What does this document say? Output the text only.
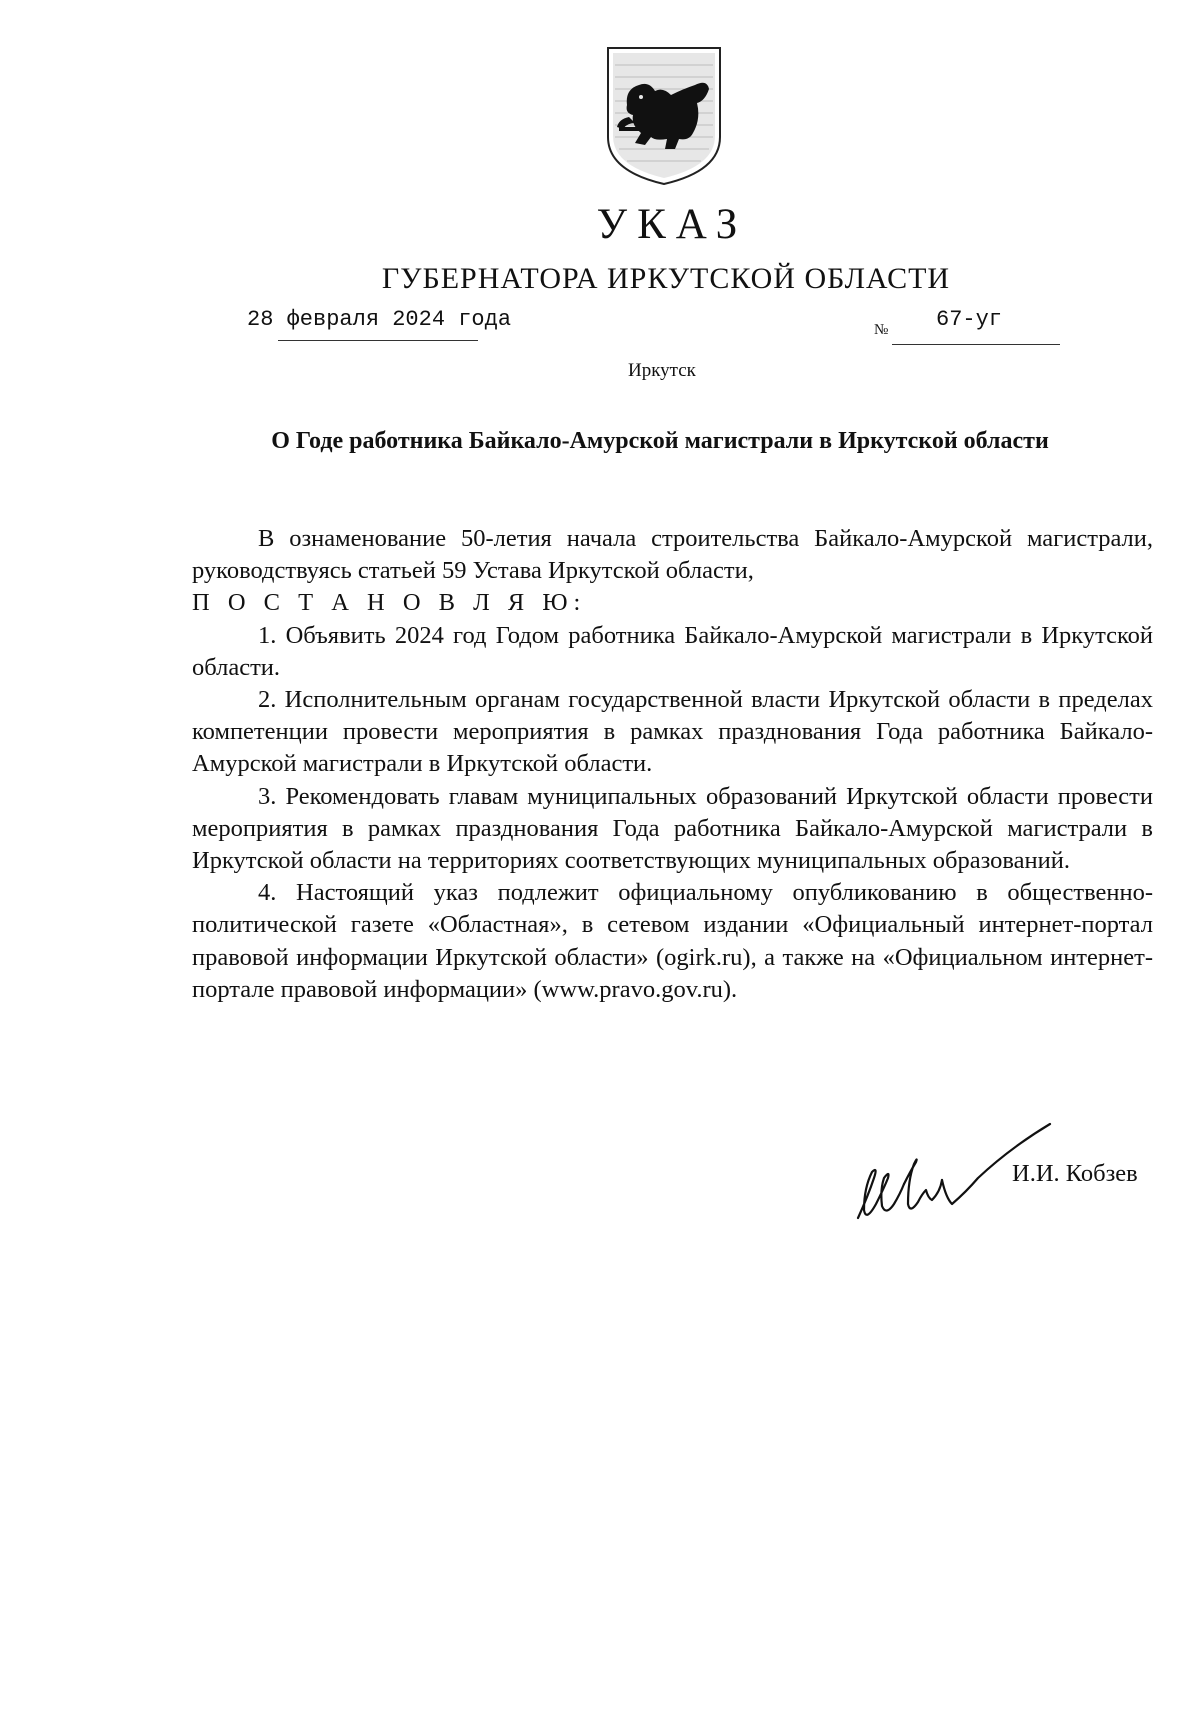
УКАЗ
ГУБЕРНАТОРА ИРКУТСКОЙ ОБЛАСТИ
28 февраля 2024 года	№ 67-уг
Иркутск
О Годе работника Байкало-Амурской магистрали в Иркутской области

В ознаменование 50-летия начала строительства Байкало-Амурской магистрали, руководствуясь статьей 59 Устава Иркутской области,

П О С Т А Н О В Л Я Ю:

1. Объявить 2024 год Годом работника Байкало-Амурской магистрали в Иркутской области.

2. Исполнительным органам государственной власти Иркутской области в пределах компетенции провести мероприятия в рамках празднования Года работника Байкало-Амурской магистрали в Иркутской области.

3. Рекомендовать главам муниципальных образований Иркутской области провести мероприятия в рамках празднования Года работника Байкало-Амурской магистрали в Иркутской области на территориях соответствующих муниципальных образований.

4. Настоящий указ подлежит официальному опубликованию в общественно-политической газете «Областная», в сетевом издании «Официальный интернет-портал правовой информации Иркутской области» (ogirk.ru), а также на «Официальном интернет-портале правовой информации» (www.pravo.gov.ru).

И.И. Кобзев
